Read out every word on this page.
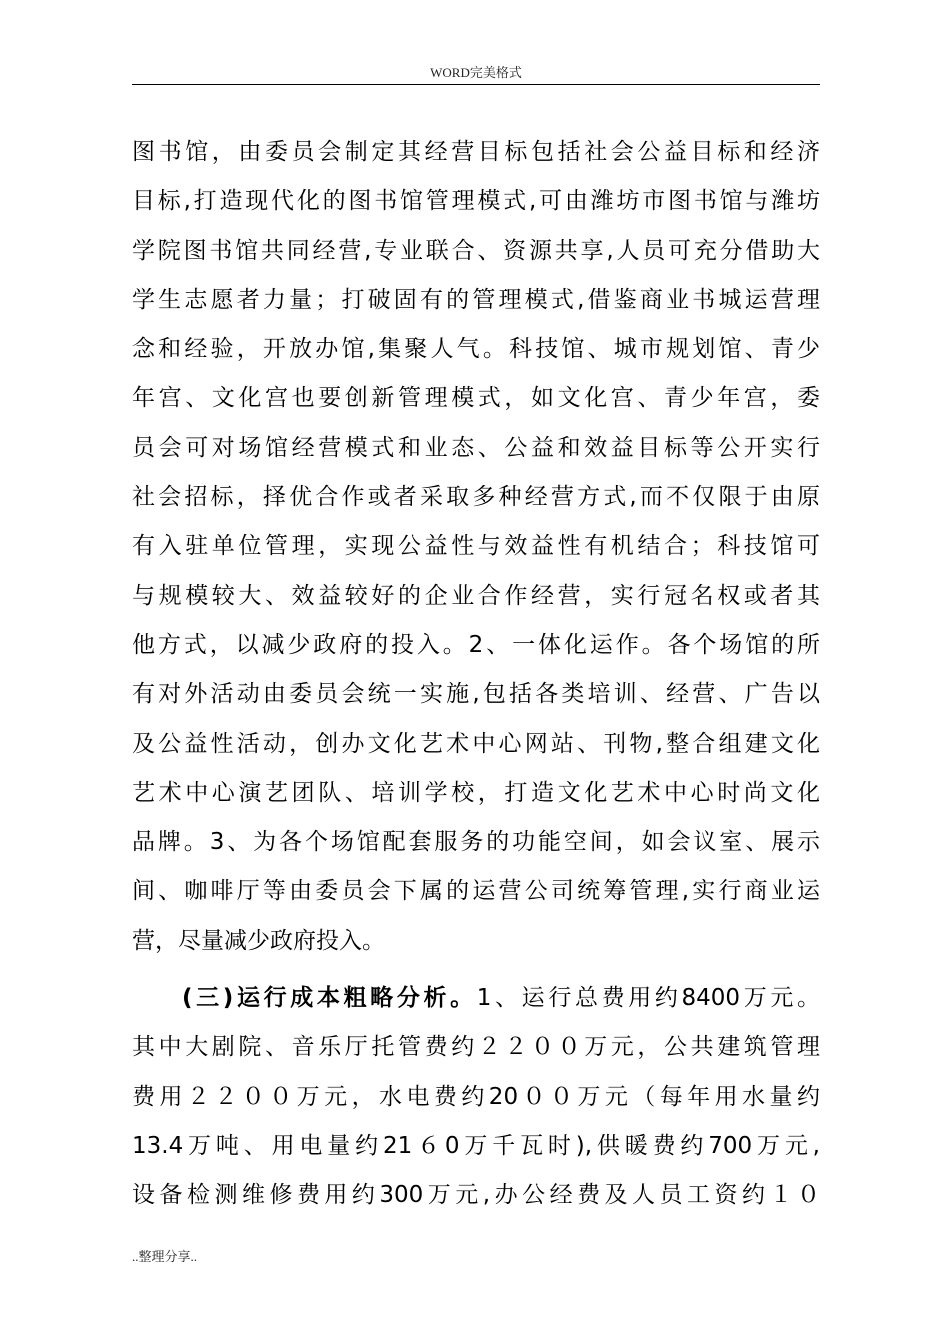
WORD完美格式
图书馆，由委员会制定其经营目标包括社会公益目标和经济
目标,打造现代化的图书馆管理模式,可由潍坊市图书馆与潍坊
学院图书馆共同经营,专业联合、资源共享,人员可充分借助大
学生志愿者力量；打破固有的管理模式,借鉴商业书城运营理
念和经验，开放办馆,集聚人气。科技馆、城市规划馆、青少
年宫、文化宫也要创新管理模式，如文化宫、青少年宫，委
员会可对场馆经营模式和业态、公益和效益目标等公开实行
社会招标，择优合作或者采取多种经营方式,而不仅限于由原
有入驻单位管理，实现公益性与效益性有机结合；科技馆可
与规模较大、效益较好的企业合作经营，实行冠名权或者其
他方式，以减少政府的投入。2、一体化运作。各个场馆的所
有对外活动由委员会统一实施,包括各类培训、经营、广告以
及公益性活动，创办文化艺术中心网站、刊物,整合组建文化
艺术中心演艺团队、培训学校，打造文化艺术中心时尚文化
品牌。3、为各个场馆配套服务的功能空间，如会议室、展示
间、咖啡厅等由委员会下属的运营公司统筹管理,实行商业运
营，尽量减少政府投入。
(三)运行成本粗略分析。1、运行总费用约8400万元。
其中大剧院、音乐厅托管费约２２００万元，公共建筑管理
费用２２００万元，水电费约20００万元（每年用水量约
13.4万吨、用电量约21６0万千瓦时),供暖费约700万元,
设备检测维修费用约300万元,办公经费及人员工资约１０
..整理分享..
